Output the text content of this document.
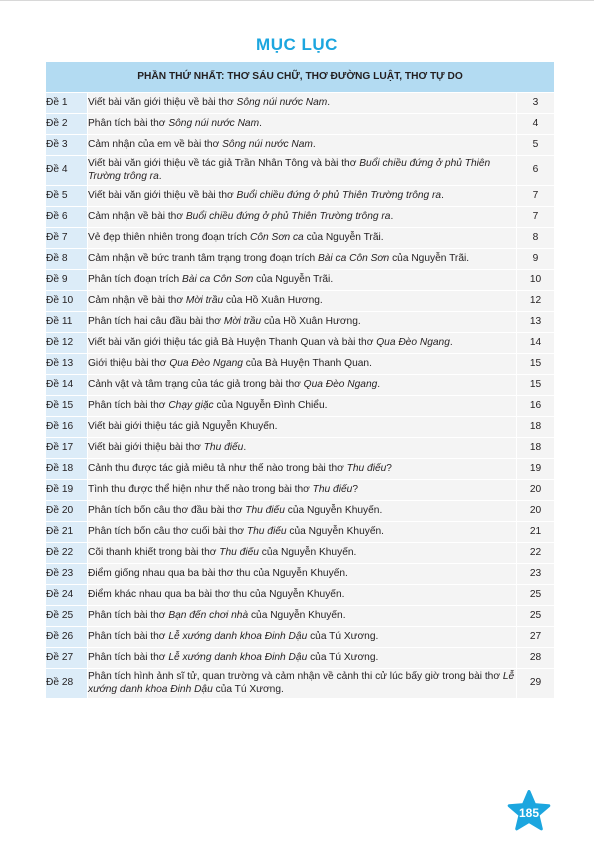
MỤC LỤC
PHẦN THỨ NHẤT: THƠ SÁU CHỮ, THƠ ĐƯỜNG LUẬT, THƠ TỰ DO		
Đề 1	Viết bài văn giới thiệu về bài thơ Sông núi nước Nam.	3
Đề 2	Phân tích bài thơ Sông núi nước Nam.	4
Đề 3	Cảm nhận của em về bài thơ Sông núi nước Nam.	5
Đề 4	Viết bài văn giới thiệu về tác giả Trần Nhân Tông và bài thơ Buổi chiều đứng ở phủ Thiên Trường trông ra.	6
Đề 5	Viết bài văn giới thiệu về bài thơ Buổi chiều đứng ở phủ Thiên Trường trông ra.	7
Đề 6	Cảm nhận về bài thơ Buổi chiều đứng ở phủ Thiên Trường trông ra.	7
Đề 7	Vẻ đẹp thiên nhiên trong đoạn trích Côn Sơn ca của Nguyễn Trãi.	8
Đề 8	Cảm nhận về bức tranh tâm trạng trong đoạn trích Bài ca Côn Sơn của Nguyễn Trãi.	9
Đề 9	Phân tích đoạn trích Bài ca Côn Sơn của Nguyễn Trãi.	10
Đề 10	Cảm nhận về bài thơ Mời trầu của Hồ Xuân Hương.	12
Đề 11	Phân tích hai câu đầu bài thơ Mời trầu của Hồ Xuân Hương.	13
Đề 12	Viết bài văn giới thiệu tác giả Bà Huyện Thanh Quan và bài thơ Qua Đèo Ngang.	14
Đề 13	Giới thiệu bài thơ Qua Đèo Ngang của Bà Huyện Thanh Quan.	15
Đề 14	Cảnh vật và tâm trạng của tác giả trong bài thơ Qua Đèo Ngang.	15
Đề 15	Phân tích bài thơ Chạy giặc của Nguyễn Đình Chiểu.	16
Đề 16	Viết bài giới thiệu tác giả Nguyễn Khuyến.	18
Đề 17	Viết bài giới thiệu bài thơ Thu điếu.	18
Đề 18	Cảnh thu được tác giả miêu tả như thế nào trong bài thơ Thu điếu?	19
Đề 19	Tình thu được thể hiện như thế nào trong bài thơ Thu điếu?	20
Đề 20	Phân tích bốn câu thơ đầu bài thơ Thu điếu của Nguyễn Khuyến.	20
Đề 21	Phân tích bốn câu thơ cuối bài thơ Thu điếu của Nguyễn Khuyến.	21
Đề 22	Cõi thanh khiết trong bài thơ Thu điếu của Nguyễn Khuyến.	22
Đề 23	Điểm giống nhau qua ba bài thơ thu của Nguyễn Khuyến.	23
Đề 24	Điểm khác nhau qua ba bài thơ thu của Nguyễn Khuyến.	25
Đề 25	Phân tích bài thơ Bạn đến chơi nhà của Nguyễn Khuyến.	25
Đề 26	Phân tích bài thơ Lễ xướng danh khoa Đinh Dậu của Tú Xương.	27
Đề 27	Phân tích bài thơ Lễ xướng danh khoa Đinh Dậu của Tú Xương.	28
Đề 28	Phân tích hình ảnh sĩ tử, quan trường và cảm nhận về cảnh thi cử lúc bấy giờ trong bài thơ Lễ xướng danh khoa Đinh Dậu của Tú Xương.	29
185
